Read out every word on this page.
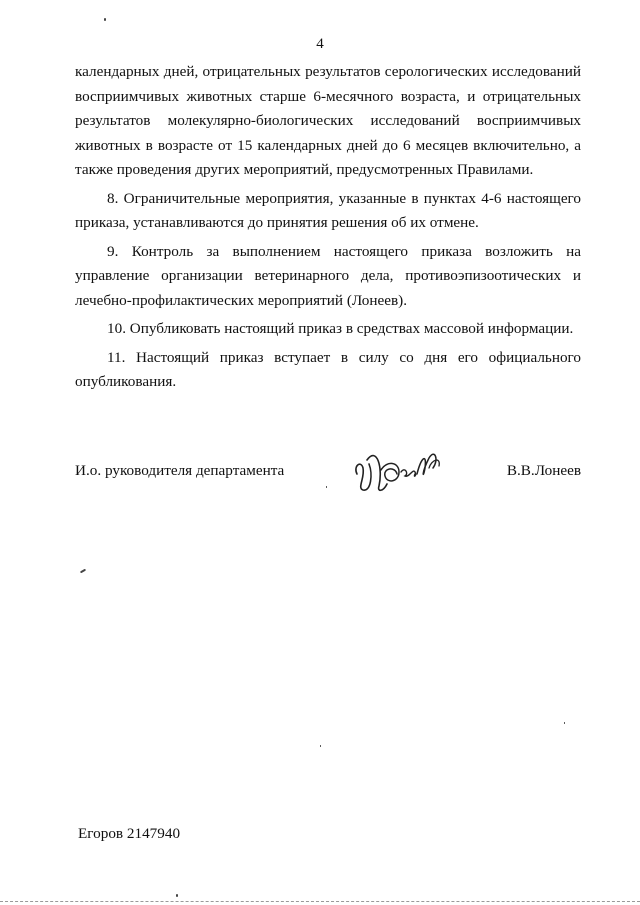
4

календарных дней, отрицательных результатов серологических исследований восприимчивых животных старше 6-месячного возраста, и отрицательных результатов молекулярно-биологических исследований восприимчивых животных в возрасте от 15 календарных дней до 6 месяцев включительно, а также проведения других мероприятий, предусмотренных Правилами.

8. Ограничительные мероприятия, указанные в пунктах 4-6 настоящего приказа, устанавливаются до принятия решения об их отмене.

9. Контроль за выполнением настоящего приказа возложить на управление организации ветеринарного дела, противоэпизоотических и лечебно-профилактических мероприятий (Лонеев).

10. Опубликовать настоящий приказ в средствах массовой информации.

11. Настоящий приказ вступает в силу со дня его официального опубликования.

И.о. руководителя департамента	В.В.Лонеев
Егоров 2147940
